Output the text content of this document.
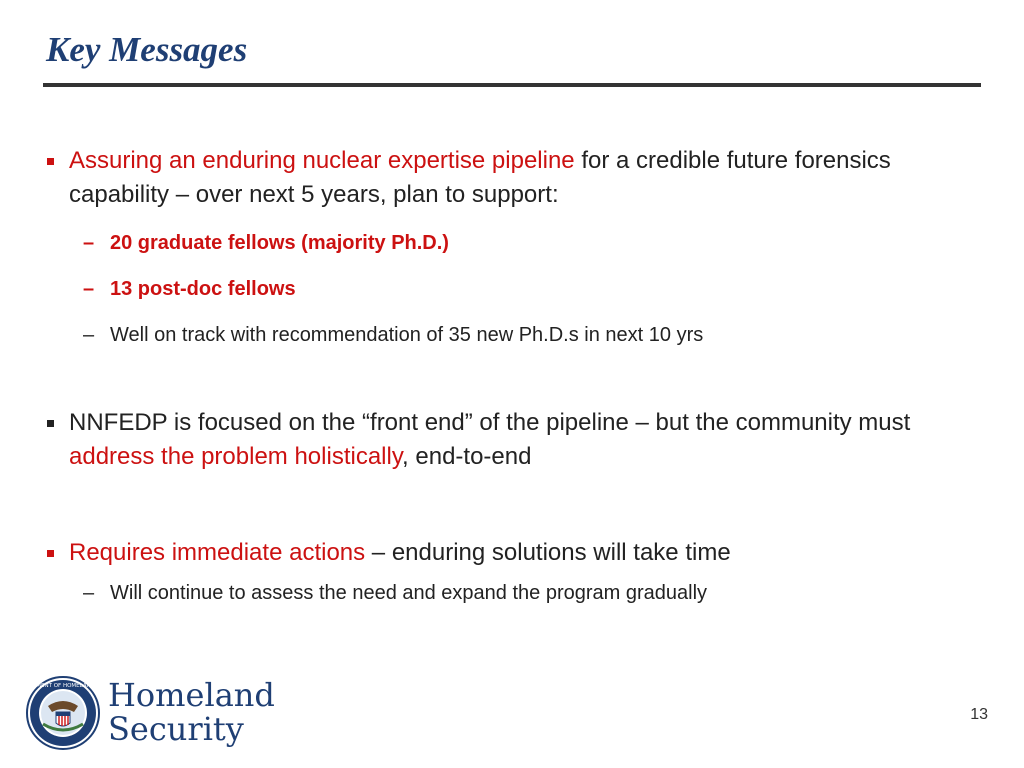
Key Messages
Assuring an enduring nuclear expertise pipeline for a credible future forensics capability – over next 5 years, plan to support:
– 20 graduate fellows (majority Ph.D.)
– 13 post-doc fellows
– Well on track with recommendation of 35 new Ph.D.s in next 10 yrs
NNFEDP is focused on the “front end” of the pipeline – but the community must address the problem holistically, end-to-end
Requires immediate actions – enduring solutions will take time
– Will continue to assess the need and expand the program gradually
U.S. DEPARTMENT OF HOMELAND SECURITY
Homeland
Security	13
